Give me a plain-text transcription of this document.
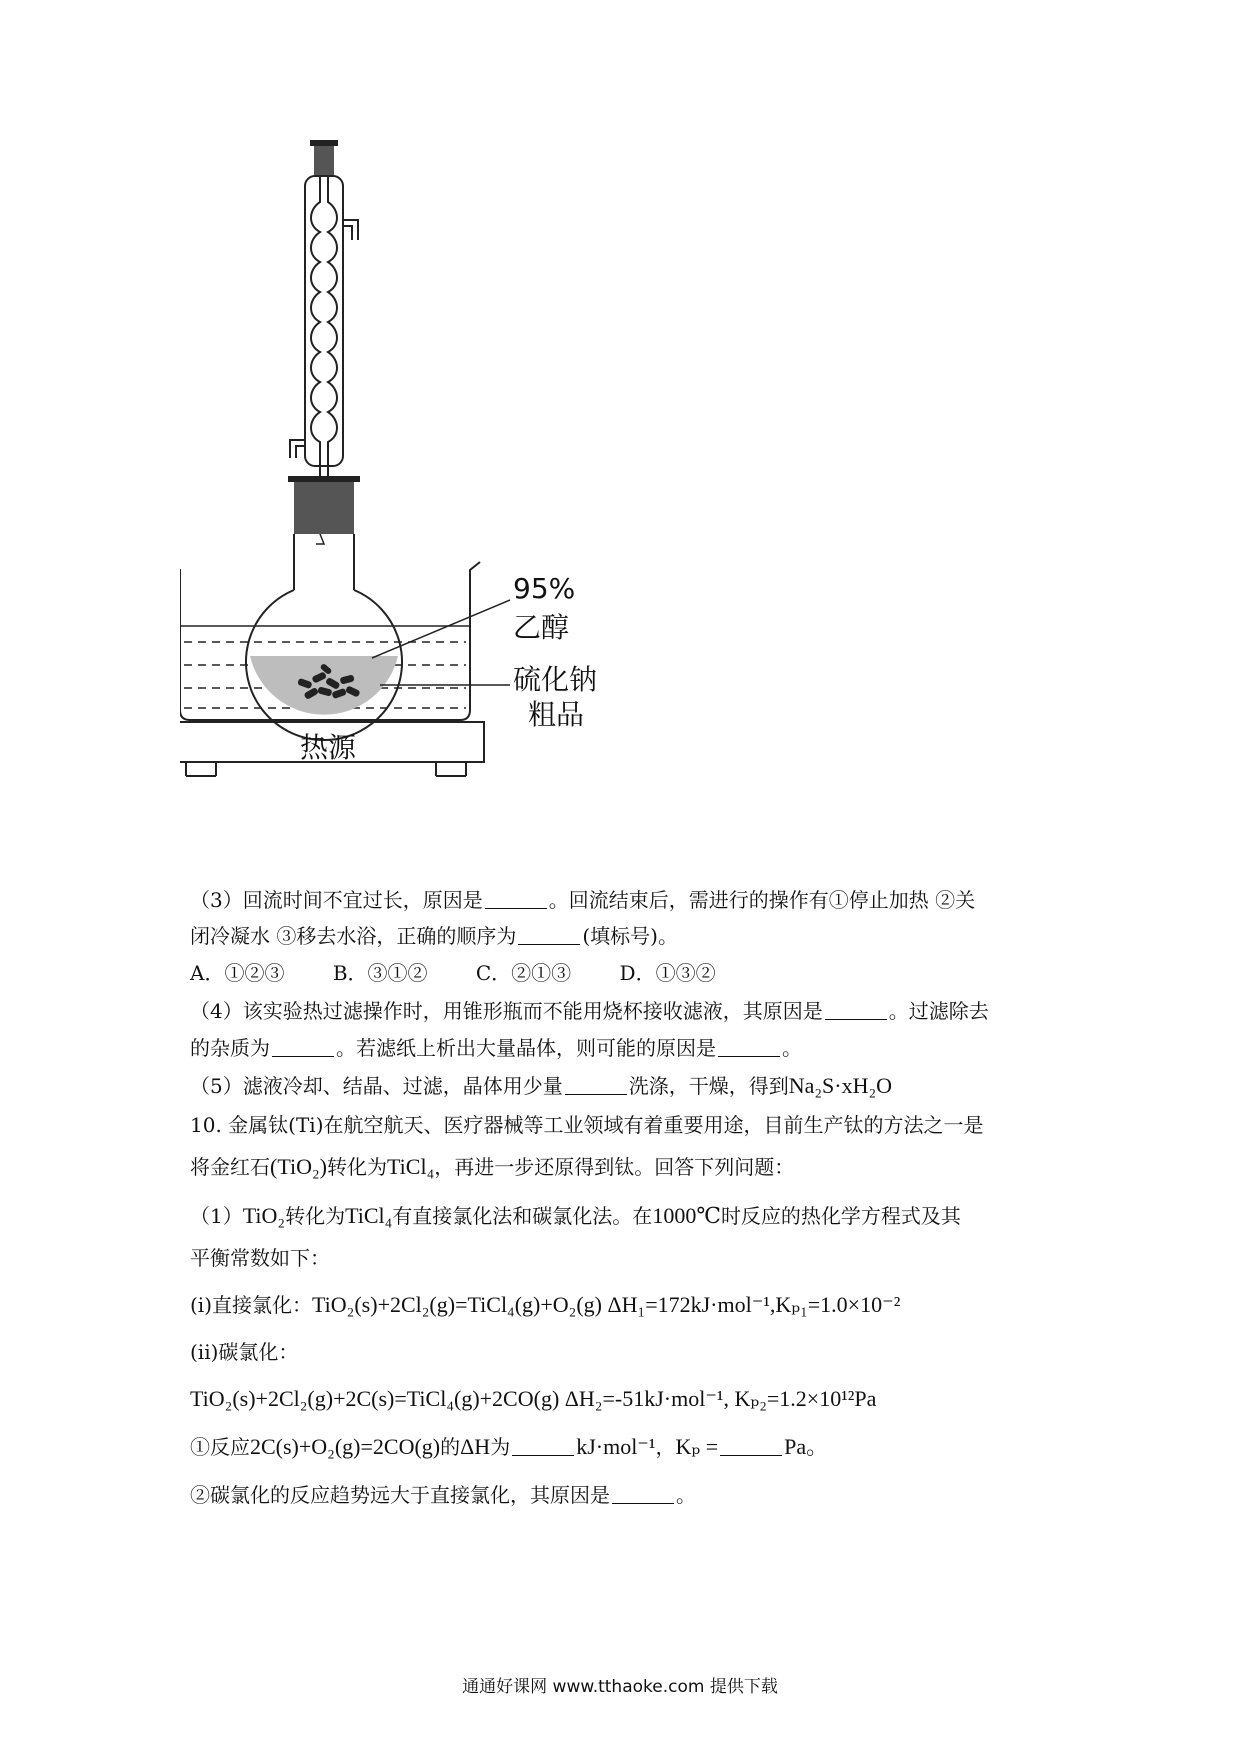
95%
乙醇
硫化钠
粗品
热源
（3）回流时间不宜过长，原因是	。回流结束后，需进行的操作有①停止加热 ②关
闭冷凝水 ③移去水浴，正确的顺序为	(填标号)。
A．①②③ B．③①② C．②①③ D．①③②
（4）该实验热过滤操作时，用锥形瓶而不能用烧杯接收滤液，其原因是	。过滤除去
的杂质为	。若滤纸上析出大量晶体，则可能的原因是	。
（5）滤液冷却、结晶、过滤，晶体用少量	洗涤，干燥，得到Na₂S·xH₂O
10. 金属钛(Ti)在航空航天、医疗器械等工业领域有着重要用途，目前生产钛的方法之一是
将金红石(TiO₂)转化为TiCl₄，再进一步还原得到钛。回答下列问题：
（1）TiO₂转化为TiCl₄有直接氯化法和碳氯化法。在1000℃时反应的热化学方程式及其
平衡常数如下：
(i)直接氯化：TiO₂(s)+2Cl₂(g)=TiCl₄(g)+O₂(g) ΔH₁=172kJ·mol⁻¹,Kₚ₁=1.0×10⁻²
(ii)碳氯化：
TiO₂(s)+2Cl₂(g)+2C(s)=TiCl₄(g)+2CO(g) ΔH₂=-51kJ·mol⁻¹, Kₚ₂=1.2×10¹²Pa
①反应2C(s)+O₂(g)=2CO(g)的ΔH为	kJ·mol⁻¹，Kₚ =	Pa。
②碳氯化的反应趋势远大于直接氯化，其原因是	。
通通好课网 www.tthaoke.com 提供下载
